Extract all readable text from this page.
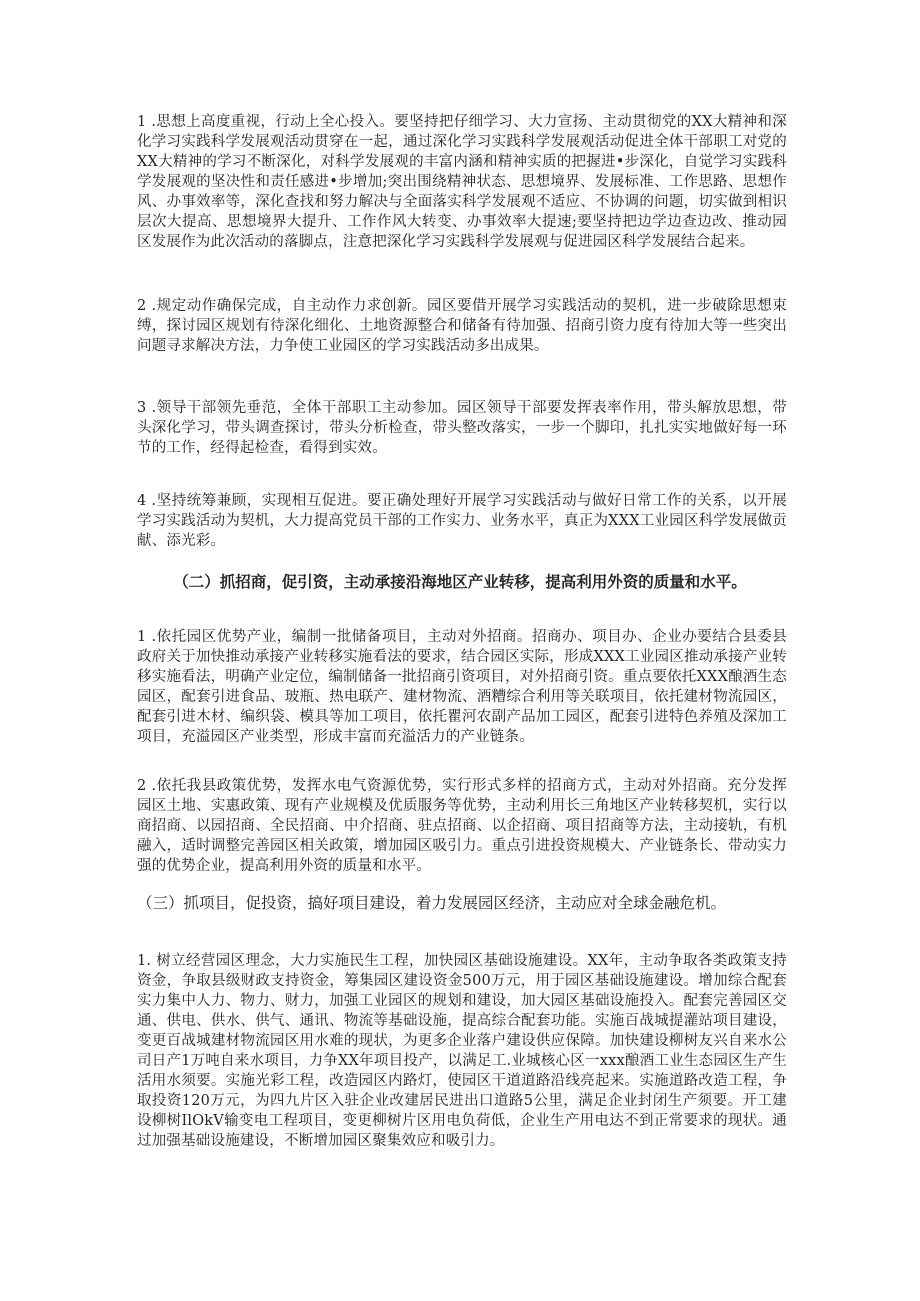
1 .思想上高度重视，行动上全心投入。要坚持把仔细学习、大力宣扬、主动贯彻党的XX大精神和深化学习实践科学发展观活动贯穿在一起，通过深化学习实践科学发展观活动促进全体干部职工对党的XX大精神的学习不断深化，对科学发展观的丰富内涵和精神实质的把握进•步深化，自觉学习实践科学发展观的坚决性和责任感进•步增加;突出围绕精神状态、思想境界、发展标准、工作思路、思想作风、办事效率等，深化查找和努力解决与全面落实科学发展观不适应、不协调的问题，切实做到相识层次大提高、思想境界大提升、工作作风大转变、办事效率大提速;要坚持把边学边查边改、推动园区发展作为此次活动的落脚点，注意把深化学习实践科学发展观与促进园区科学发展结合起来。

2 .规定动作确保完成，自主动作力求创新。园区要借开展学习实践活动的契机，进一步破除思想束缚，探讨园区规划有待深化细化、土地资源整合和储备有待加强、招商引资力度有待加大等一些突出问题寻求解决方法，力争使工业园区的学习实践活动多出成果。

3 .领导干部领先垂范，全体干部职工主动参加。园区领导干部要发挥表率作用，带头解放思想，带头深化学习，带头调查探讨，带头分析检查，带头整改落实，一步一个脚印，扎扎实实地做好每一环节的工作，经得起检查，看得到实效。

4 .坚持统筹兼顾，实现相互促进。要正确处理好开展学习实践活动与做好日常工作的关系，以开展学习实践活动为契机，大力提高党员干部的工作实力、业务水平，真正为XXX工业园区科学发展做贡献、添光彩。

（二）抓招商，促引资，主动承接沿海地区产业转移，提高利用外资的质量和水平。

1 .依托园区优势产业，编制一批储备项目，主动对外招商。招商办、项目办、企业办要结合县委县政府关于加快推动承接产业转移实施看法的要求，结合园区实际，形成XXX工业园区推动承接产业转移实施看法，明确产业定位，编制储备一批招商引资项目，对外招商引资。重点要依托XXX酿酒生态园区，配套引进食品、玻瓶、热电联产、建材物流、酒糟综合利用等关联项目，依托建材物流园区，配套引进木材、编织袋、模具等加工项目，依托瞿河农副产品加工园区，配套引进特色养殖及深加工项目，充溢园区产业类型，形成丰富而充溢活力的产业链条。

2 .依托我县政策优势，发挥水电气资源优势，实行形式多样的招商方式，主动对外招商。充分发挥园区土地、实惠政策、现有产业规模及优质服务等优势，主动利用长三角地区产业转移契机，实行以商招商、以园招商、全民招商、中介招商、驻点招商、以企招商、项目招商等方法，主动接轨，有机融入，适时调整完善园区相关政策，增加园区吸引力。重点引进投资规模大、产业链条长、带动实力强的优势企业，提高利用外资的质量和水平。

（三）抓项目，促投资，搞好项目建设，着力发展园区经济，主动应对全球金融危机。

1. 树立经营园区理念，大力实施民生工程，加快园区基础设施建设。XX年，主动争取各类政策支持资金，争取县级财政支持资金，筹集园区建设资金500万元，用于园区基础设施建设。增加综合配套实力集中人力、物力、财力，加强工业园区的规划和建设，加大园区基础设施投入。配套完善园区交通、供电、供水、供气、通讯、物流等基础设施，提高综合配套功能。实施百战城提灌站项目建设，变更百战城建材物流园区用水难的现状，为更多企业落户建设供应保障。加快建设柳树友兴自来水公司日产1万吨自来水项目，力争XX年项目投产，以满足工.业城核心区一xxx酿酒工业生态园区生产生活用水须要。实施光彩工程，改造园区内路灯，使园区干道道路沿线亮起来。实施道路改造工程，争取投资120万元，为四九片区入驻企业改建居民进出口道路5公里，满足企业封闭生产须要。开工建设柳树IlOkV输变电工程项目，变更柳树片区用电负荷低，企业生产用电达不到正常要求的现状。通过加强基础设施建设，不断增加园区聚集效应和吸引力。
